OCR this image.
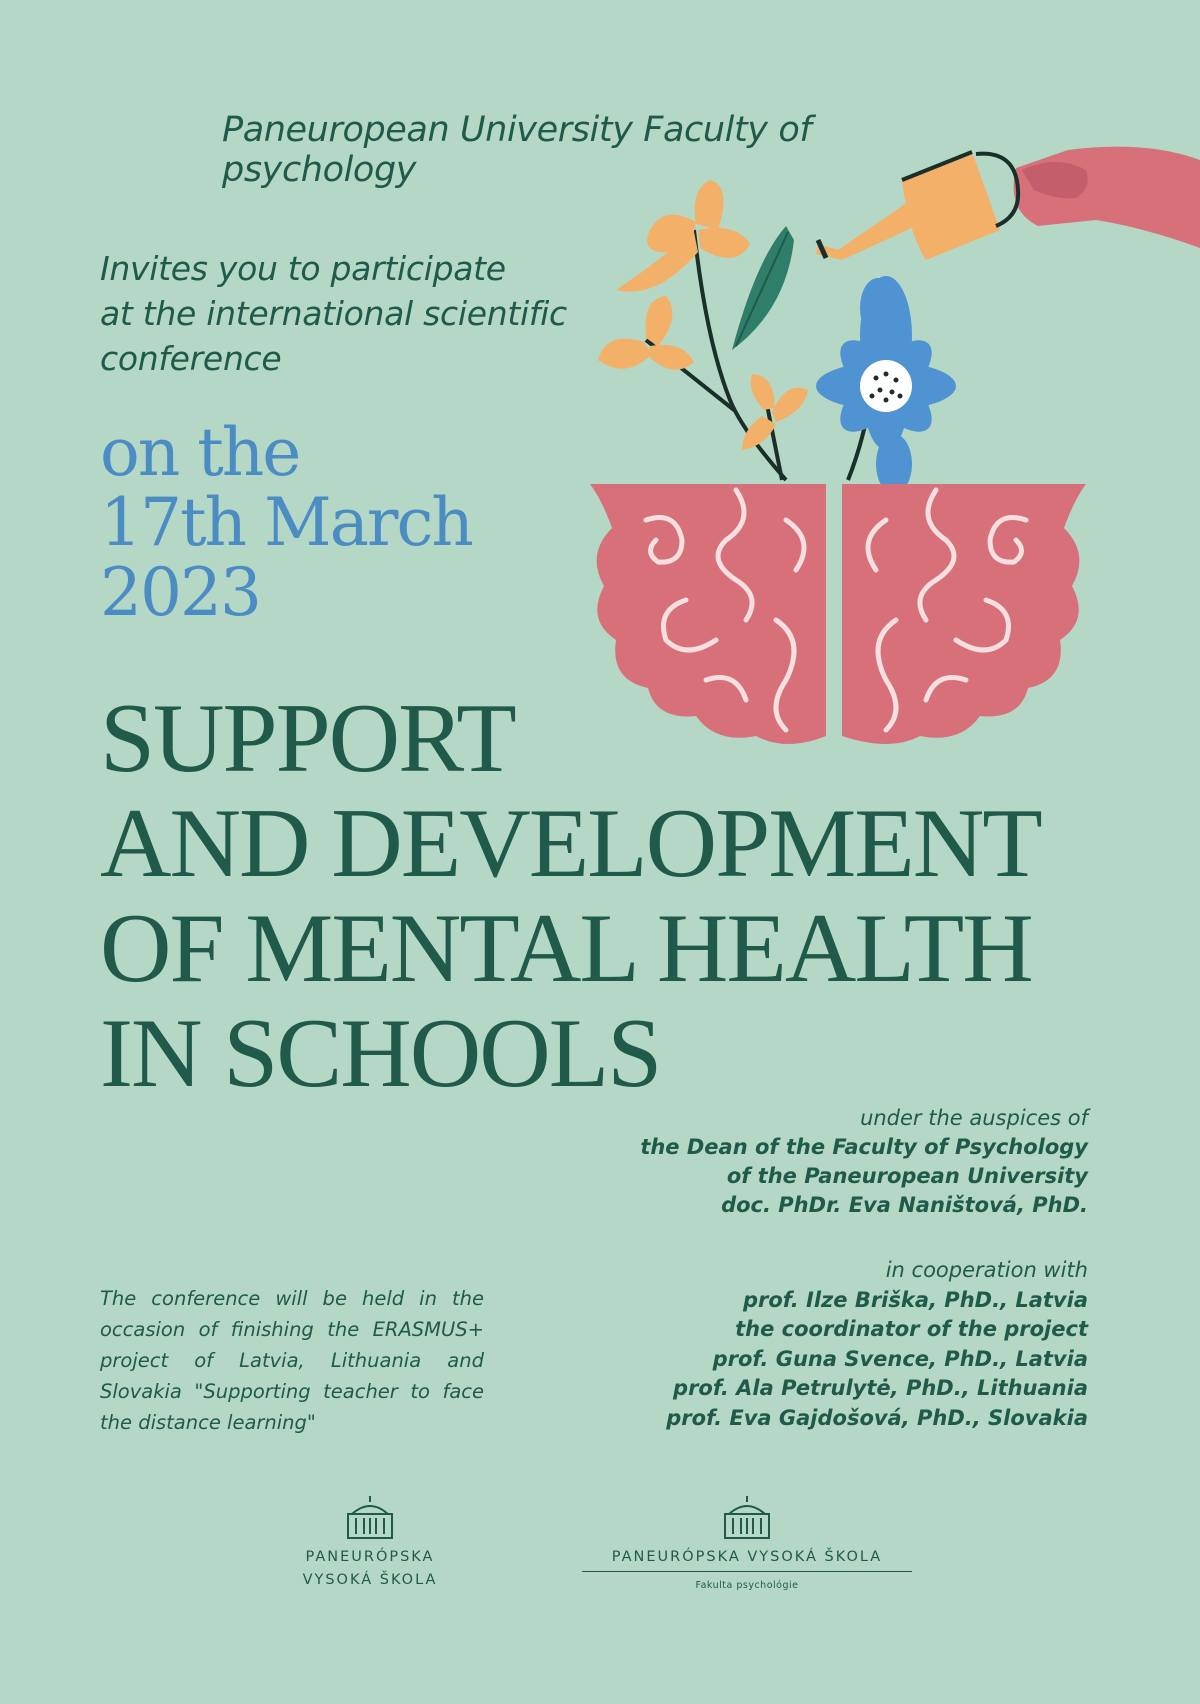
Paneuropean University Faculty of psychology
Invites you to participate
at the international scientific
conference
on the
17th March
2023
SUPPORT
AND DEVELOPMENT
OF MENTAL HEALTH
IN SCHOOLS
under the auspices of
the Dean of the Faculty of Psychology
of the Paneuropean University
doc. PhDr. Eva Naništová, PhD.
in cooperation with
prof. Ilze Briška, PhD., Latvia
the coordinator of the project
prof. Guna Svence, PhD., Latvia
prof. Ala Petrulytė, PhD., Lithuania
prof. Eva Gajdošová, PhD., Slovakia
The conference will be held in the occasion of finishing the ERASMUS+ project of Latvia, Lithuania and Slovakia "Supporting teacher to face the distance learning"
PANEURÓPSKA
VYSOKÁ ŠKOLA
PANEURÓPSKA VYSOKÁ ŠKOLA
Fakulta psychológie
